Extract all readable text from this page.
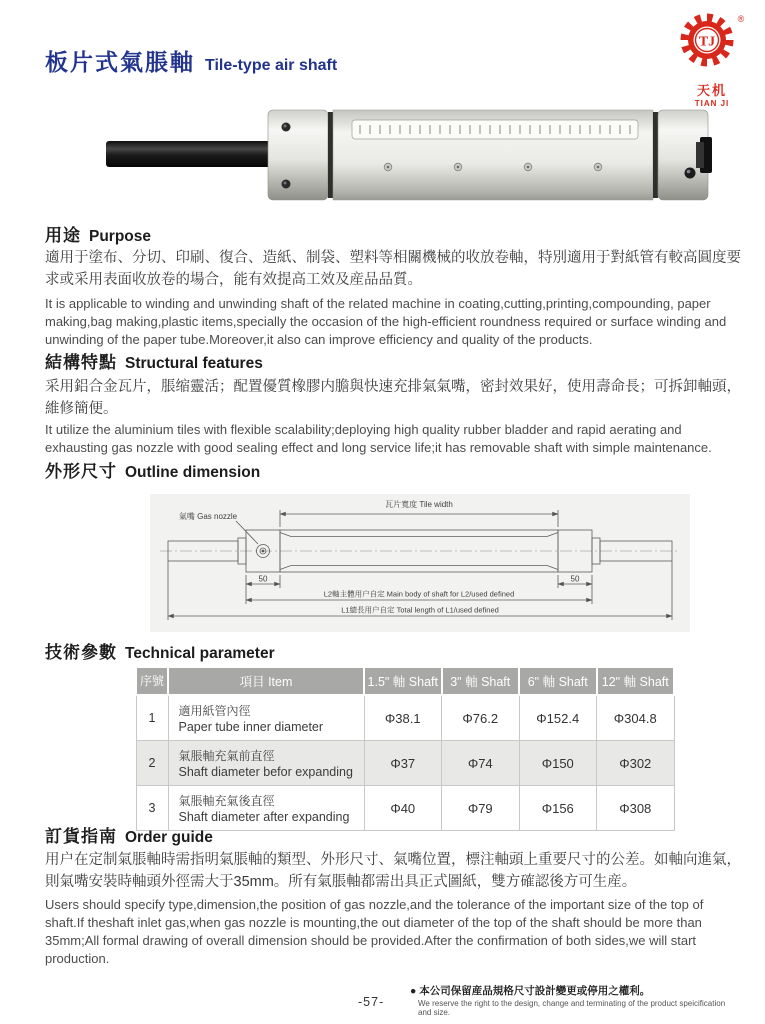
板片式氣脹軸 Tile-type air shaft
TJ
®
天机
TIAN JI
用途 Purpose

適用于塗布、分切、印刷、復合、造紙、制袋、塑料等相關機械的收放卷軸，特別適用于對紙管有較高圓度要求或采用表面收放卷的場合，能有效提高工效及産品品質。

It is applicable to winding and unwinding shaft of the related machine in coating,cutting,printing,compounding, paper making,bag making,plastic items,specially the occasion of the high-efficient roundness required or surface winding and unwinding of the paper tube.Moreover,it also can improve efficiency and quality of the products.

結構特點 Structural features

采用鋁合金瓦片，脹缩靈活；配置優質橡膠内膽與快速充排氣氣嘴，密封效果好，使用壽命長；可拆卸軸頭，維修簡便。

It utilize the aluminium tiles with flexible scalability;deploying high quality rubber bladder and rapid aerating and exhausting gas nozzle with good sealing effect and long service life;it has removable shaft with simple maintenance.

外形尺寸 Outline dimension
瓦片寬度 Tile width
氣嘴 Gas nozzle
50	50
L2軸主體用户自定 Main body of shaft for L2/used defined
L1總長用户自定 Total length of L1/used defined
技術參數 Technical parameter
序號	項目 Item	1.5" 軸 Shaft	3" 軸 Shaft	6" 軸 Shaft	12" 軸 Shaft
1	適用紙管內徑
Paper tube inner diameter	Φ38.1	Φ76.2	Φ152.4	Φ304.8
2	氣脹軸充氣前直徑
Shaft diameter befor expanding	Φ37	Φ74	Φ150	Φ302
3	氣脹軸充氣後直徑
Shaft diameter after expanding	Φ40	Φ79	Φ156	Φ308
訂貨指南 Order guide

用户在定制氣脹軸時需指明氣脹軸的類型、外形尺寸、氣嘴位置，標注軸頭上重要尺寸的公差。如軸向進氣，則氣嘴安裝時軸頭外徑需大于35mm。所有氣脹軸都需出具正式圖紙，雙方確認後方可生産。

Users should specify type,dimension,the position of gas nozzle,and the tolerance of the important size of the top of shaft.If theshaft inlet gas,when gas nozzle is mounting,the out diameter of the top of the shaft should be more than 35mm;All formal drawing of overall dimension should be provided.After the confirmation of both sides,we will start production.

-57-
● 本公司保留産品規格尺寸設計變更或停用之權利。
We reserve the right to the design, change and terminating of the product speicification and size.
